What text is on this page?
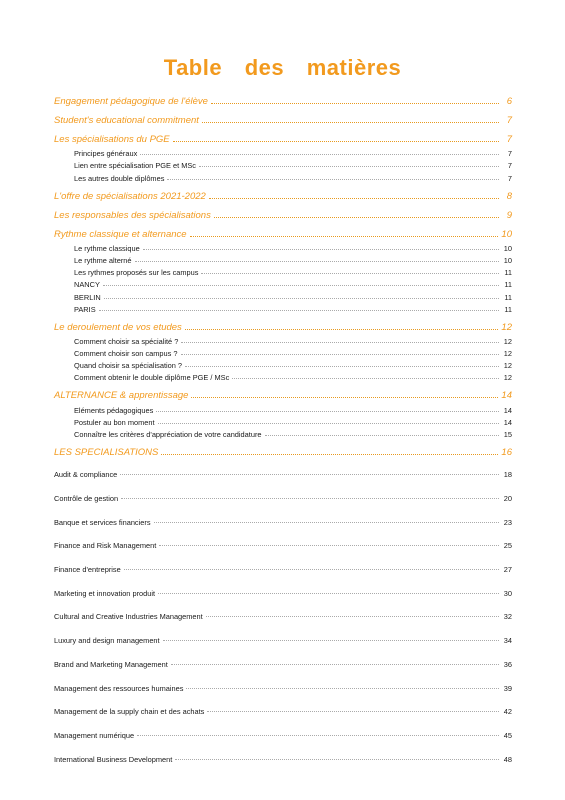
Table des matières
Engagement pédagogique de l'élève	6
Student's educational commitment	7
Les spécialisations du PGE	7
Principes généraux	7
Lien entre spécialisation PGE et MSc	7
Les autres double diplômes	7
L'offre de spécialisations 2021-2022	8
Les responsables des spécialisations	9
Rythme classique et alternance	10
Le rythme classique	10
Le rythme alterné	10
Les rythmes proposés sur les campus	11
NANCY	11
BERLIN	11
PARIS	11
Le deroulement de vos etudes	12
Comment choisir sa spécialité ?	12
Comment choisir son campus ?	12
Quand choisir sa spécialisation ?	12
Comment obtenir le double diplôme PGE / MSc	12
ALTERNANCE & apprentissage	14
Eléments pédagogiques	14
Postuler au bon moment	14
Connaître les critères d'appréciation de votre candidature	15
LES SPECIALISATIONS	16
Audit & compliance	18
Contrôle de gestion	20
Banque et services financiers	23
Finance and Risk Management	25
Finance d'entreprise	27
Marketing et innovation produit	30
Cultural and Creative Industries Management	32
Luxury and design management	34
Brand and Marketing Management	36
Management des ressources humaines	39
Management de la supply chain et des achats	42
Management numérique	45
International Business Development	48
